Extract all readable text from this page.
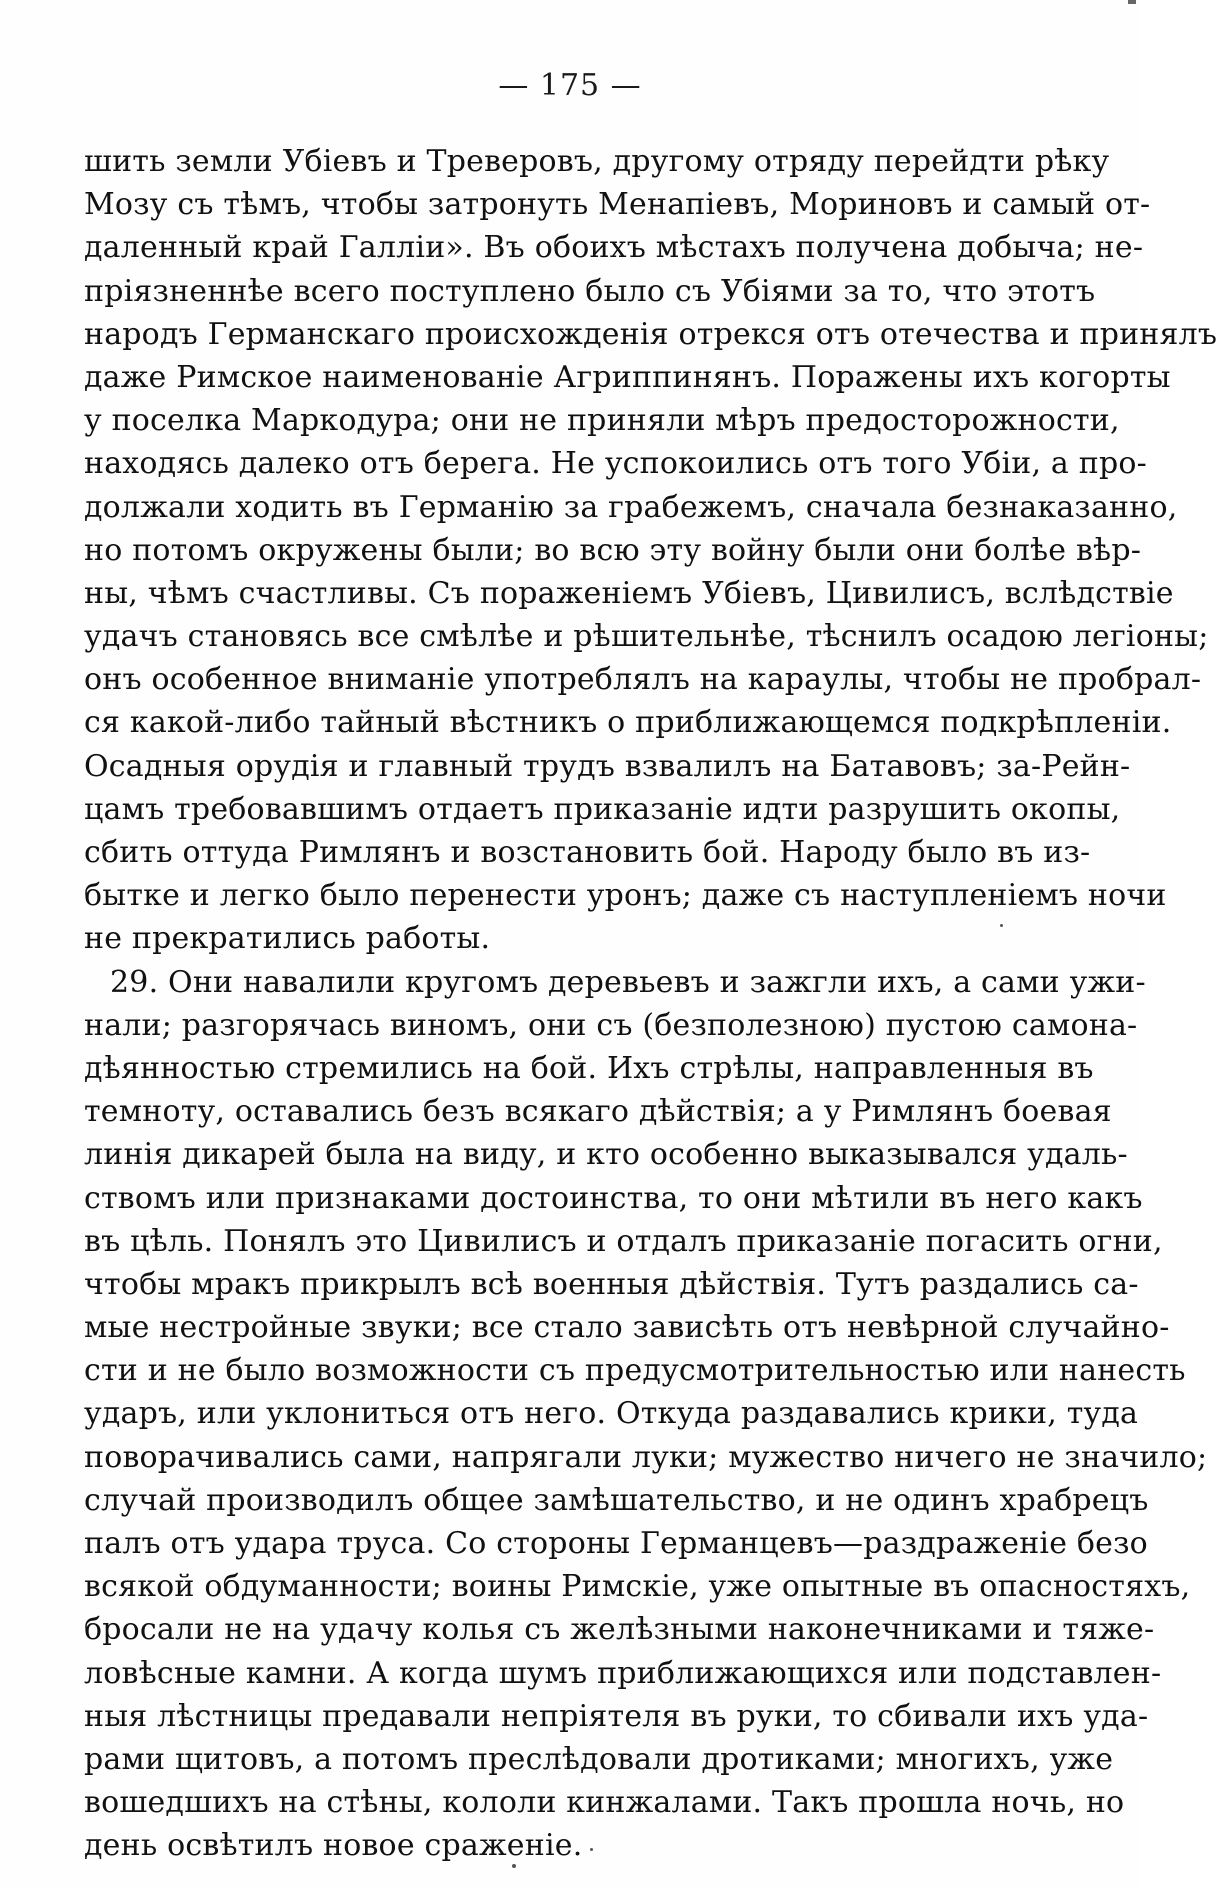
— 175 —
шить земли Убiевъ и Треверовъ, другому отряду перейдти рѣку
Мозу съ тѣмъ, чтобы затронуть Менапiевъ, Мориновъ и самый от-
даленный край Галлiи». Въ обоихъ мѣстахъ получена добыча; не-
прiязненнѣе всего поступлено было съ Убiями за то, что этотъ
народъ Германскаго происхожденiя отрекся отъ отечества и принялъ
даже Римское наименованiе Агриппинянъ. Поражены ихъ когорты
у поселка Маркодура; они не приняли мѣръ предосторожности,
находясь далеко отъ берега. Не успокоились отъ того Убiи, а про-
должали ходить въ Германiю за грабежемъ, сначала безнаказанно,
но потомъ окружены были; во всю эту войну были они болѣе вѣр-
ны, чѣмъ счастливы. Съ пораженiемъ Убiевъ, Цивилисъ, вслѣдствiе
удачъ становясь все смѣлѣе и рѣшительнѣе, тѣснилъ осадою легiоны;
онъ особенное вниманiе употреблялъ на караулы, чтобы не пробрал-
ся какой-либо тайный вѣстникъ о приближающемся подкрѣпленiи.
Осадныя орудiя и главный трудъ взвалилъ на Батавовъ; за-Рейн-
цамъ требовавшимъ отдаетъ приказанiе идти разрушить окопы,
сбить оттуда Римлянъ и возстановить бой. Народу было въ из-
бытке и легко было перенести уронъ; даже съ наступленiемъ ночи
не прекратились работы.
29. Они навалили кругомъ деревьевъ и зажгли ихъ, а сами ужи-
нали; разгорячась виномъ, они съ (безполезною) пустою самона-
дѣянностью стремились на бой. Ихъ стрѣлы, направленныя въ
темноту, оставались безъ всякаго дѣйствiя; а у Римлянъ боевая
линiя дикарей была на виду, и кто особенно выказывался удаль-
ствомъ или признаками достоинства, то они мѣтили въ него какъ
въ цѣль. Понялъ это Цивилисъ и отдалъ приказанiе погасить огни,
чтобы мракъ прикрылъ всѣ военныя дѣйствiя. Тутъ раздались са-
мые нестройные звуки; все стало зависѣть отъ невѣрной случайно-
сти и не было возможности съ предусмотрительностью или нанесть
ударъ, или уклониться отъ него. Откуда раздавались крики, туда
поворачивались сами, напрягали луки; мужество ничего не значило;
случай производилъ общее замѣшательство, и не одинъ храбрецъ
палъ отъ удара труса. Со стороны Германцевъ—раздраженiе безо
всякой обдуманности; воины Римскiе, уже опытные въ опасностяхъ,
бросали не на удачу колья съ желѣзными наконечниками и тяже-
ловѣсные камни. А когда шумъ приближающихся или подставлен-
ныя лѣстницы предавали непрiятеля въ руки, то сбивали ихъ уда-
рами щитовъ, а потомъ преслѣдовали дротиками; многихъ, уже
вошедшихъ на стѣны, кололи кинжалами. Такъ прошла ночь, но
день освѣтилъ новое сраженiе.
